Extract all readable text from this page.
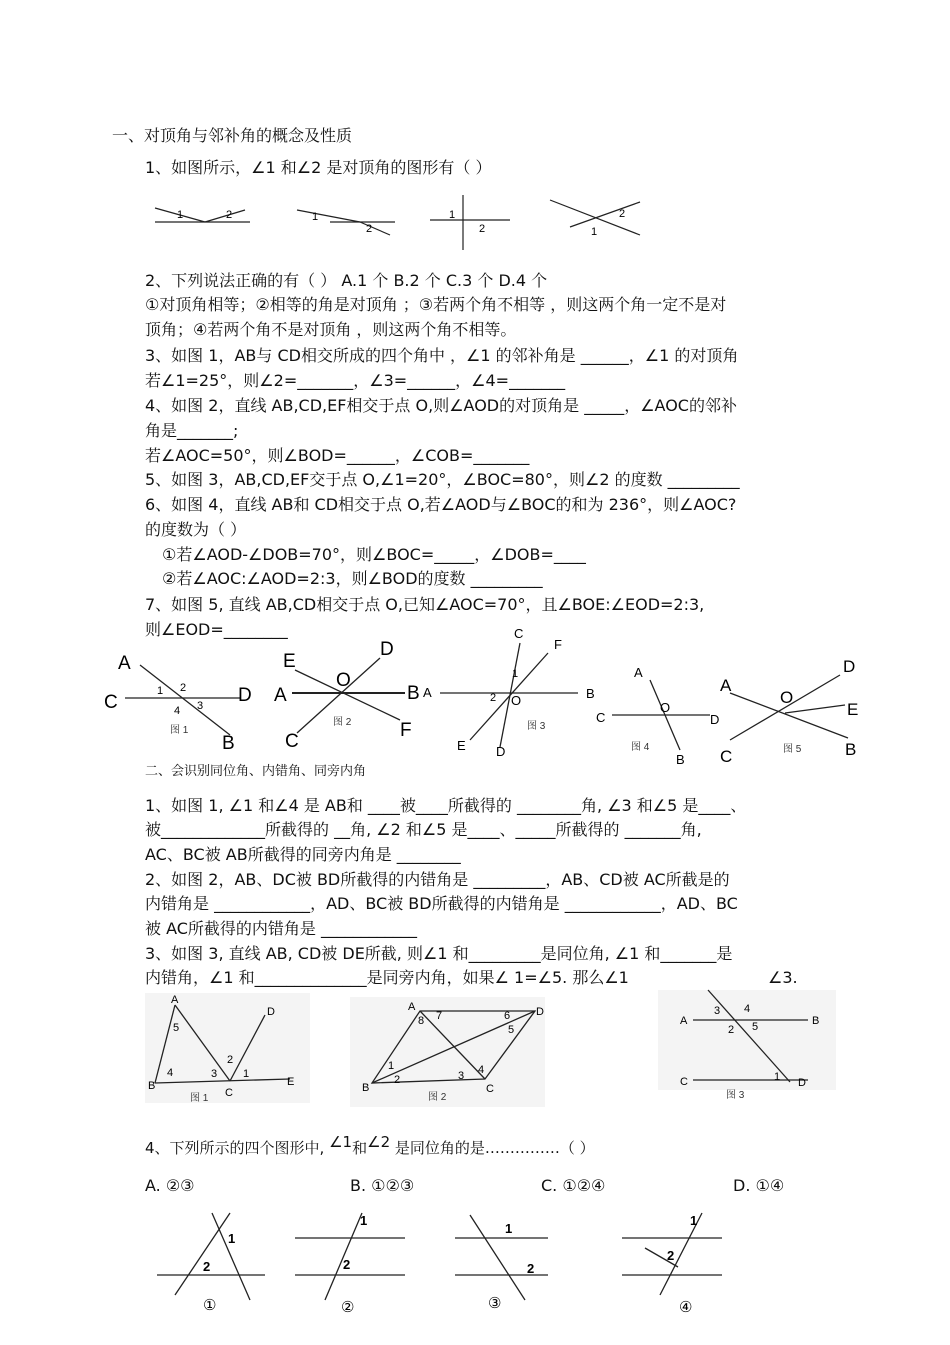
一、对顶角与邻补角的概念及性质
1、如图所示，∠1 和∠2 是对顶角的图形有（ ）
1	2	1
2
1
2
2
1
2、下列说法正确的有（ ） A.1 个 B.2 个 C.3 个 D.4 个
①对顶角相等；②相等的角是对顶角 ；③若两个角不相等 ，则这两个角一定不是对
顶角；④若两个角不是对顶角 ，则这两个角不相等。
3、如图 1，AB与 CD相交所成的四个角中 ，∠1 的邻补角是 ______，∠1 的对顶角
若∠1=25°，则∠2=_______，∠3=______，∠4=_______
4、如图 2，直线 AB,CD,EF相交于点 O,则∠AOD的对顶角是 _____，∠AOC的邻补
角是_______;
若∠AOC=50°，则∠BOD=______，∠COB=_______
5、如图 3，AB,CD,EF交于点 O,∠1=20°，∠BOC=80°，则∠2 的度数 _________
6、如图 4，直线 AB和 CD相交于点 O,若∠AOD与∠BOC的和为 236°，则∠AOC?
的度数为（ ）
①若∠AOD-∠DOB=70°，则∠BOC=_____，∠DOB=____
②若∠AOC:∠AOD=2:3，则∠BOD的度数 _________
7、如图 5, 直线 AB,CD相交于点 O,已知∠AOC=70°，且∠BOE:∠EOD=2:3,
则∠EOD=________
A
C
1 2	D
4 3
B
图 1
E
D
O
A	B
C
F
图 2
C
F
1
A	2 O	B
E D
图 3
A
O
C	D
B
图 4
D
A
O
E
C	B
图 5
二、会识别同位角、内错角、同旁内角
1、如图 1, ∠1 和∠4 是 AB和 ____被____所截得的 ________角, ∠3 和∠5 是____、
被_____________所截得的 __角, ∠2 和∠5 是____、_____所截得的 _______角,
AC、BC被 AB所截得的同旁内角是 ________
2、如图 2，AB、DC被 BD所截得的内错角是 _________，AB、CD被 AC所截是的
内错角是 ____________，AD、BC被 BD所截得的内错角是 ____________，AD、BC
被 AC所截得的内错角是 ____________
3、如图 3, 直线 AB, CD被 DE所截, 则∠1 和_________是同位角, ∠1 和_______是
内错角，∠1 和______________是同旁内角，如果∠ 1=∠5. 那么∠1	∠3.
A
D
5
2
B
4	3 1
C
E
图 1
A
8 7	6 D
5
1
B
2	3 4
C
图 2
3 4
A	B
2 5
C	1 D
图 3
4、下列所示的四个图形中, ∠1和∠2 是同位角的是……………（ ）
A. ②③	B. ①②③	C. ①②④	D. ①④
1
2
1
2
1
2
1
2
①	②	③	④
